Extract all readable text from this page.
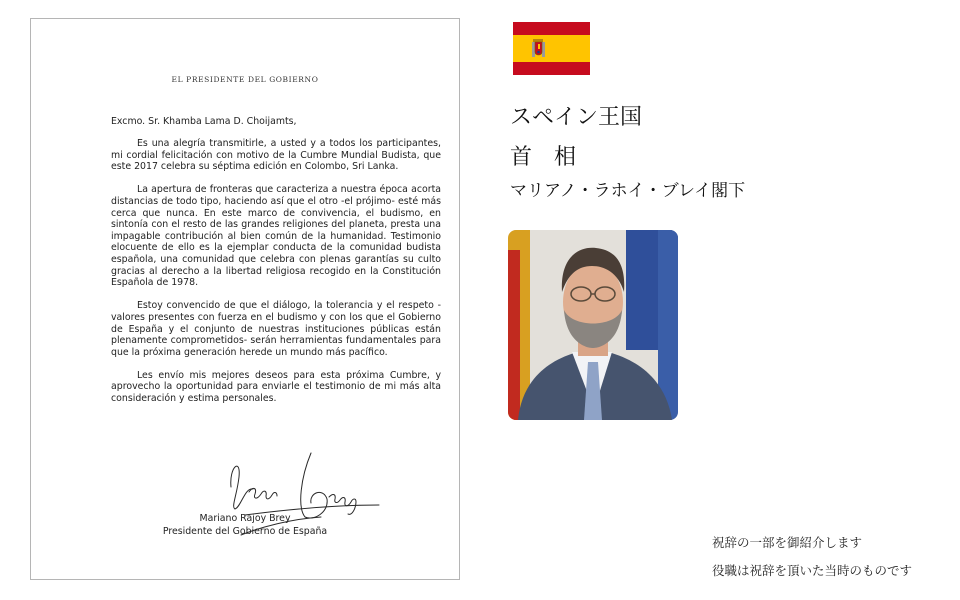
EL PRESIDENTE DEL GOBIERNO
Excmo. Sr. Khamba Lama D. Choijamts,

Es una alegría transmitirle, a usted y a todos los participantes, mi cordial felicitación con motivo de la Cumbre Mundial Budista, que este 2017 celebra su séptima edición en Colombo, Sri Lanka.

La apertura de fronteras que caracteriza a nuestra época acorta distancias de todo tipo, haciendo así que el otro -el prójimo- esté más cerca que nunca. En este marco de convivencia, el budismo, en sintonía con el resto de las grandes religiones del planeta, presta una impagable contribución al bien común de la humanidad. Testimonio elocuente de ello es la ejemplar conducta de la comunidad budista española, una comunidad que celebra con plenas garantías su culto gracias al derecho a la libertad religiosa recogido en la Constitución Española de 1978.

Estoy convencido de que el diálogo, la tolerancia y el respeto -valores presentes con fuerza en el budismo y con los que el Gobierno de España y el conjunto de nuestras instituciones públicas están plenamente comprometidos- serán herramientas fundamentales para que la próxima generación herede un mundo más pacífico.

Les envío mis mejores deseos para esta próxima Cumbre, y aprovecho la oportunidad para enviarle el testimonio de mi más alta consideración y estima personales.

Mariano Rajoy Brey
Presidente del Gobierno de España
スペイン王国
首　相
マリアノ・ラホイ・ブレイ閣下
祝辞の一部を御紹介します
役職は祝辞を頂いた当時のものです
